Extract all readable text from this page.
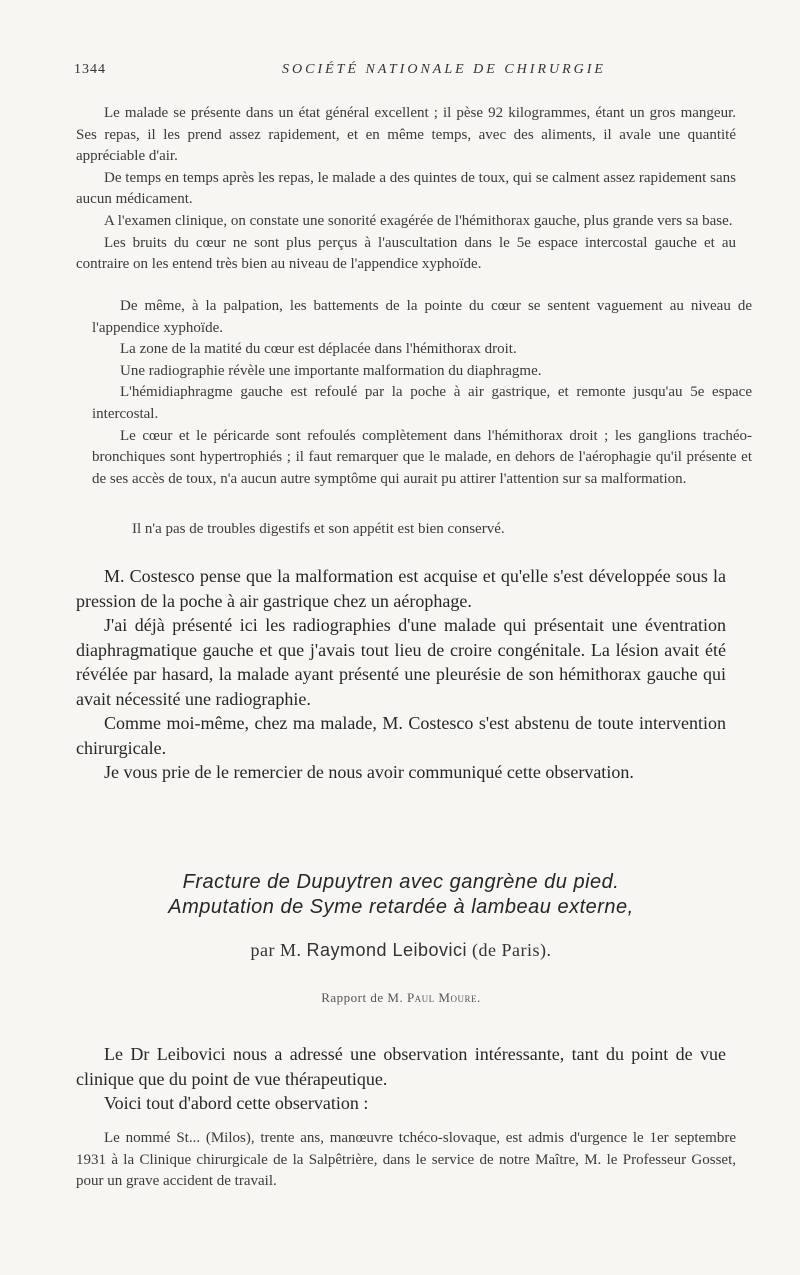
1344	SOCIÉTÉ NATIONALE DE CHIRURGIE

Le malade se présente dans un état général excellent ; il pèse 92 kilogrammes, étant un gros mangeur. Ses repas, il les prend assez rapidement, et en même temps, avec des aliments, il avale une quantité appréciable d'air.

De temps en temps après les repas, le malade a des quintes de toux, qui se calment assez rapidement sans aucun médicament.

A l'examen clinique, on constate une sonorité exagérée de l'hémithorax gauche, plus grande vers sa base.

Les bruits du cœur ne sont plus perçus à l'auscultation dans le 5e espace intercostal gauche et au contraire on les entend très bien au niveau de l'appendice xyphoïde.

De même, à la palpation, les battements de la pointe du cœur se sentent vaguement au niveau de l'appendice xyphoïde.

La zone de la matité du cœur est déplacée dans l'hémithorax droit.

Une radiographie révèle une importante malformation du diaphragme.

L'hémidiaphragme gauche est refoulé par la poche à air gastrique, et remonte jusqu'au 5e espace intercostal.

Le cœur et le péricarde sont refoulés complètement dans l'hémithorax droit ; les ganglions trachéo-bronchiques sont hypertrophiés ; il faut remarquer que le malade, en dehors de l'aérophagie qu'il présente et de ses accès de toux, n'a aucun autre symptôme qui aurait pu attirer l'attention sur sa malformation.

Il n'a pas de troubles digestifs et son appétit est bien conservé.

M. Costesco pense que la malformation est acquise et qu'elle s'est développée sous la pression de la poche à air gastrique chez un aérophage.

J'ai déjà présenté ici les radiographies d'une malade qui présentait une éventration diaphragmatique gauche et que j'avais tout lieu de croire congénitale. La lésion avait été révélée par hasard, la malade ayant présenté une pleurésie de son hémithorax gauche qui avait nécessité une radiographie.

Comme moi-même, chez ma malade, M. Costesco s'est abstenu de toute intervention chirurgicale.

Je vous prie de le remercier de nous avoir communiqué cette observation.

Fracture de Dupuytren avec gangrène du pied.
Amputation de Syme retardée à lambeau externe,
par M. Raymond Leibovici (de Paris).
Rapport de M. Paul Moure.

Le Dr Leibovici nous a adressé une observation intéressante, tant du point de vue clinique que du point de vue thérapeutique.

Voici tout d'abord cette observation :

Le nommé St... (Milos), trente ans, manœuvre tchéco-slovaque, est admis d'urgence le 1er septembre 1931 à la Clinique chirurgicale de la Salpêtrière, dans le service de notre Maître, M. le Professeur Gosset, pour un grave accident de travail.
